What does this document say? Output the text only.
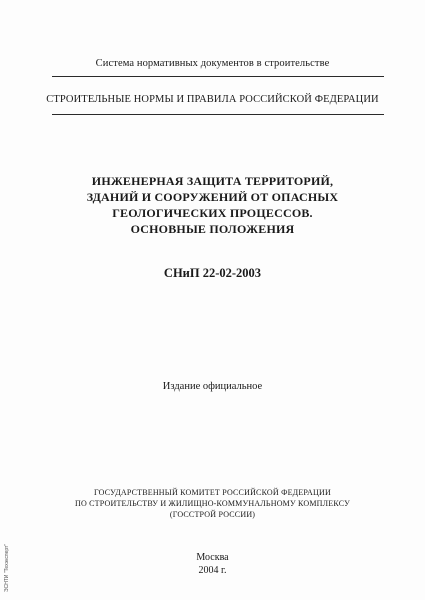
Система нормативных документов в строительстве
СТРОИТЕЛЬНЫЕ НОРМЫ И ПРАВИЛА РОССИЙСКОЙ ФЕДЕРАЦИИ
ИНЖЕНЕРНАЯ ЗАЩИТА ТЕРРИТОРИЙ,
ЗДАНИЙ И СООРУЖЕНИЙ ОТ ОПАСНЫХ
ГЕОЛОГИЧЕСКИХ ПРОЦЕССОВ.
ОСНОВНЫЕ ПОЛОЖЕНИЯ
СНиП 22-02-2003
Издание официальное
ГОСУДАРСТВЕННЫЙ КОМИТЕТ РОССИЙСКОЙ ФЕДЕРАЦИИ
ПО СТРОИТЕЛЬСТВУ И ЖИЛИЩНО-КОММУНАЛЬНОМУ КОМПЛЕКСУ
(ГОССТРОЙ РОССИИ)
Москва
2004 г.
ЭСНТИ "Техэксперт"
